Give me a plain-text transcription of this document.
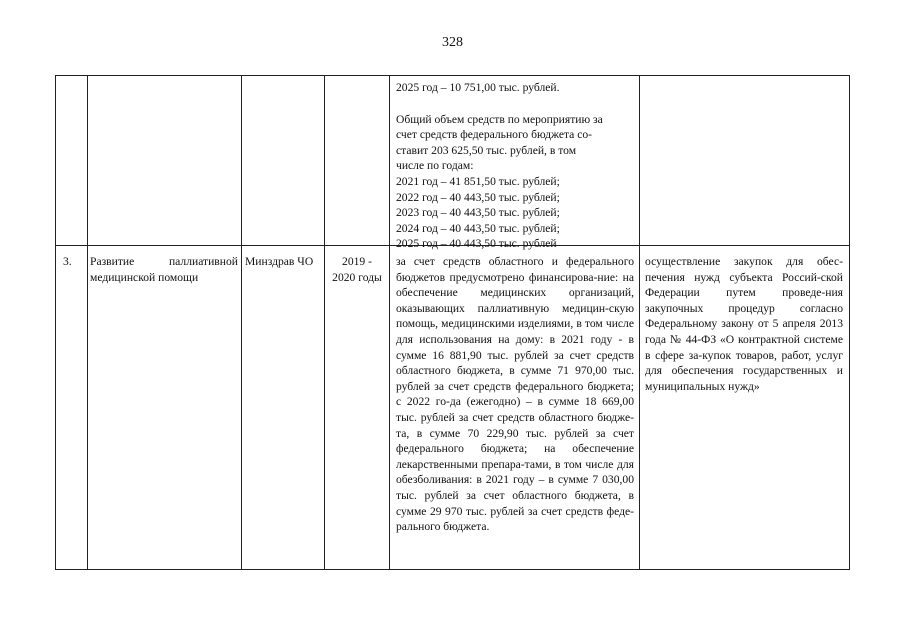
328

2025 год – 10 751,00 тыс. рублей.

Общий объем средств по мероприятию за

счет средств федерального бюджета со-

ставит 203 625,50 тыс. рублей, в том

числе по годам:

2021 год – 41 851,50 тыс. рублей;

2022 год – 40 443,50 тыс. рублей;

2023 год – 40 443,50 тыс. рублей;

2024 год – 40 443,50 тыс. рублей;

2025 год – 40 443,50 тыс. рублей

3.	Развитие паллиативной медицинской помощи
Минздрав ЧО	2019 -

2020 годы

за счет средств областного и федерального бюджетов предусмотрено финансирова-ние: на обеспечение медицинских организаций, оказывающих паллиативную медицин-скую помощь, медицинскими изделиями, в том числе для использования на дому: в 2021 году - в сумме 16 881,90 тыс. рублей за счет средств областного бюджета, в сумме 71 970,00 тыс. рублей за счет средств федерального бюджета; с 2022 го-да (ежегодно) – в сумме 18 669,00 тыс. рублей за счет средств областного бюдже-та, в сумме 70 229,90 тыс. рублей за счет федерального бюджета; на обеспечение лекарственными препара-тами, в том числе для обезболивания: в 2021 году – в сумме 7 030,00 тыс. рублей за счет областного бюджета, в сумме 29 970 тыс. рублей за счет средств феде-рального бюджета.
осуществление закупок для обес-печения нужд субъекта Россий-ской Федерации путем проведе-ния закупочных процедур согласно Федеральному закону от 5 апреля 2013 года № 44-ФЗ «О контрактной системе в сфере за-купок товаров, работ, услуг для обеспечения государственных и муниципальных нужд»
